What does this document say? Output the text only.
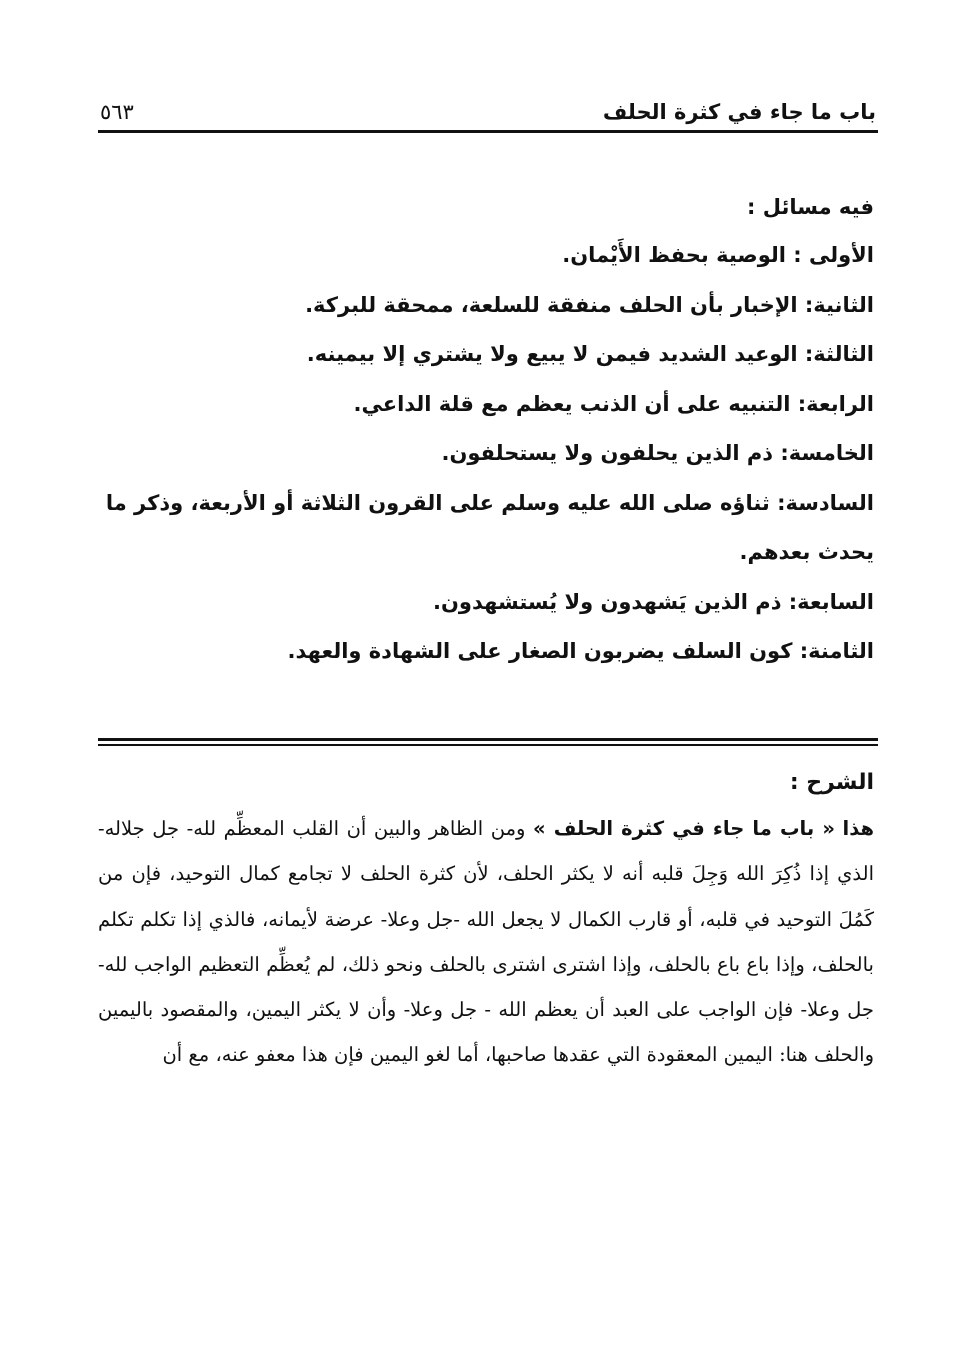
باب ما جاء في كثرة الحلف
٥٦٣
فيه مسائل :

الأولى : الوصية بحفظ الأَيْمان.

الثانية: الإخبار بأن الحلف منفقة للسلعة، ممحقة للبركة.

الثالثة: الوعيد الشديد فيمن لا يبيع ولا يشتري إلا بيمينه.

الرابعة: التنبيه على أن الذنب يعظم مع قلة الداعي.

الخامسة: ذم الذين يحلفون ولا يستحلفون.

السادسة: ثناؤه صلى الله عليه وسلم على القرون الثلاثة أو الأربعة، وذكر ما يحدث بعدهم.

السابعة: ذم الذين يَشهدون ولا يُستشهدون.

الثامنة: كون السلف يضربون الصغار على الشهادة والعهد.

الشرح :

هذا « باب ما جاء في كثرة الحلف » ومن الظاهر والبين أن القلب المعظِّم لله- جل جلاله- الذي إذا ذُكِرَ الله وَجِلَ قلبه أنه لا يكثر الحلف، لأن كثرة الحلف لا تجامع كمال التوحيد، فإن من كَمُلَ التوحيد في قلبه، أو قارب الكمال لا يجعل الله -جل وعلا- عرضة لأيمانه، فالذي إذا تكلم تكلم بالحلف، وإذا باع باع بالحلف، وإذا اشترى اشترى بالحلف ونحو ذلك، لم يُعظِّم التعظيم الواجب لله- جل وعلا- فإن الواجب على العبد أن يعظم الله - جل وعلا- وأن لا يكثر اليمين، والمقصود باليمين والحلف هنا: اليمين المعقودة التي عقدها صاحبها، أما لغو اليمين فإن هذا معفو عنه، مع أن
